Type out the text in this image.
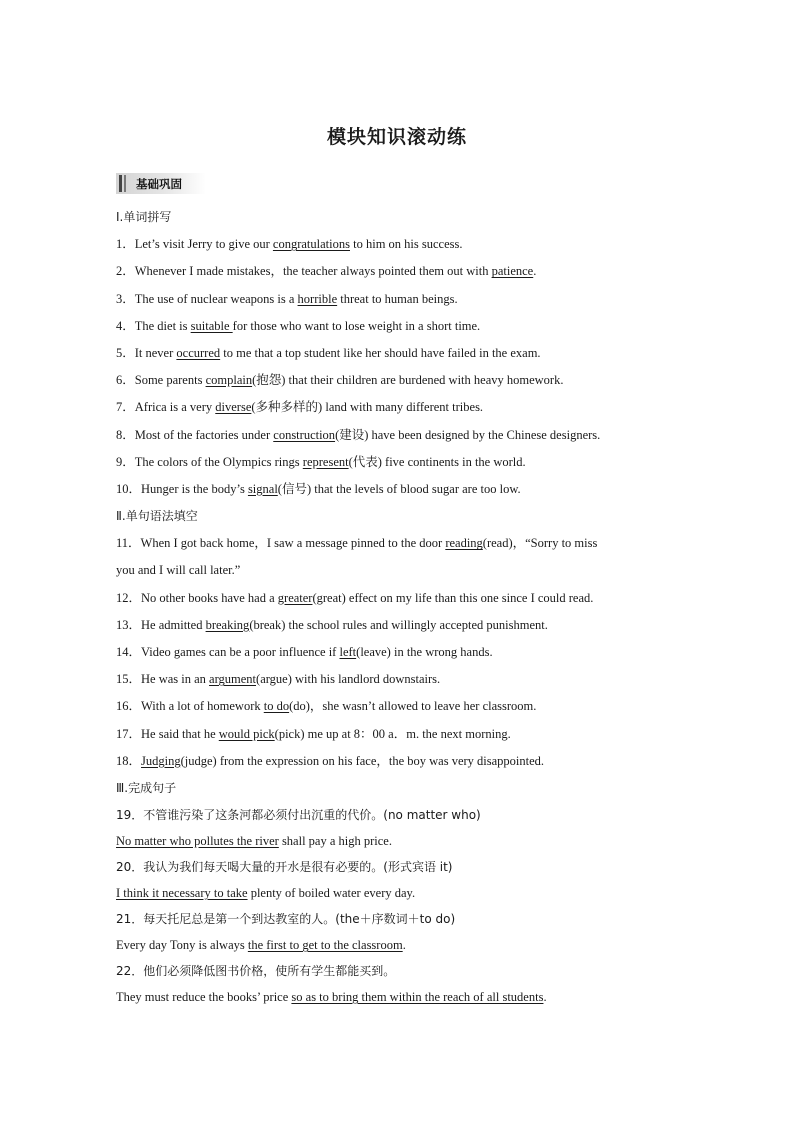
模块知识滚动练
基础巩固
Ⅰ.单词拼写
1．Let’s visit Jerry to give our congratulations to him on his success.
2．Whenever I made mistakes，the teacher always pointed them out with patience.
3．The use of nuclear weapons is a horrible threat to human beings.
4．The diet is suitable for those who want to lose weight in a short time.
5．It never occurred to me that a top student like her should have failed in the exam.
6．Some parents complain(抱怨) that their children are burdened with heavy homework.
7．Africa is a very diverse(多种多样的) land with many different tribes.
8．Most of the factories under construction(建设) have been designed by the Chinese designers.
9．The colors of the Olympics rings represent(代表) five continents in the world.
10．Hunger is the body’s signal(信号) that the levels of blood sugar are too low.
Ⅱ.单句语法填空
11．When I got back home，I saw a message pinned to the door reading(read)，“Sorry to miss
you and I will call later.”
12．No other books have had a greater(great) effect on my life than this one since I could read.
13．He admitted breaking(break) the school rules and willingly accepted punishment.
14．Video games can be a poor influence if left(leave) in the wrong hands.
15．He was in an argument(argue) with his landlord downstairs.
16．With a lot of homework to do(do)，she wasn’t allowed to leave her classroom.
17．He said that he would pick(pick) me up at 8：00 a．m. the next morning.
18．Judging(judge) from the expression on his face，the boy was very disappointed.
Ⅲ.完成句子
19．不管谁污染了这条河都必须付出沉重的代价。(no matter who)
No matter who pollutes the river shall pay a high price.
20．我认为我们每天喝大量的开水是很有必要的。(形式宾语 it)
I think it necessary to take plenty of boiled water every day.
21．每天托尼总是第一个到达教室的人。(the＋序数词＋to do)
Every day Tony is always the first to get to the classroom.
22．他们必须降低图书价格，使所有学生都能买到。
They must reduce the books’ price so as to bring them within the reach of all students.
